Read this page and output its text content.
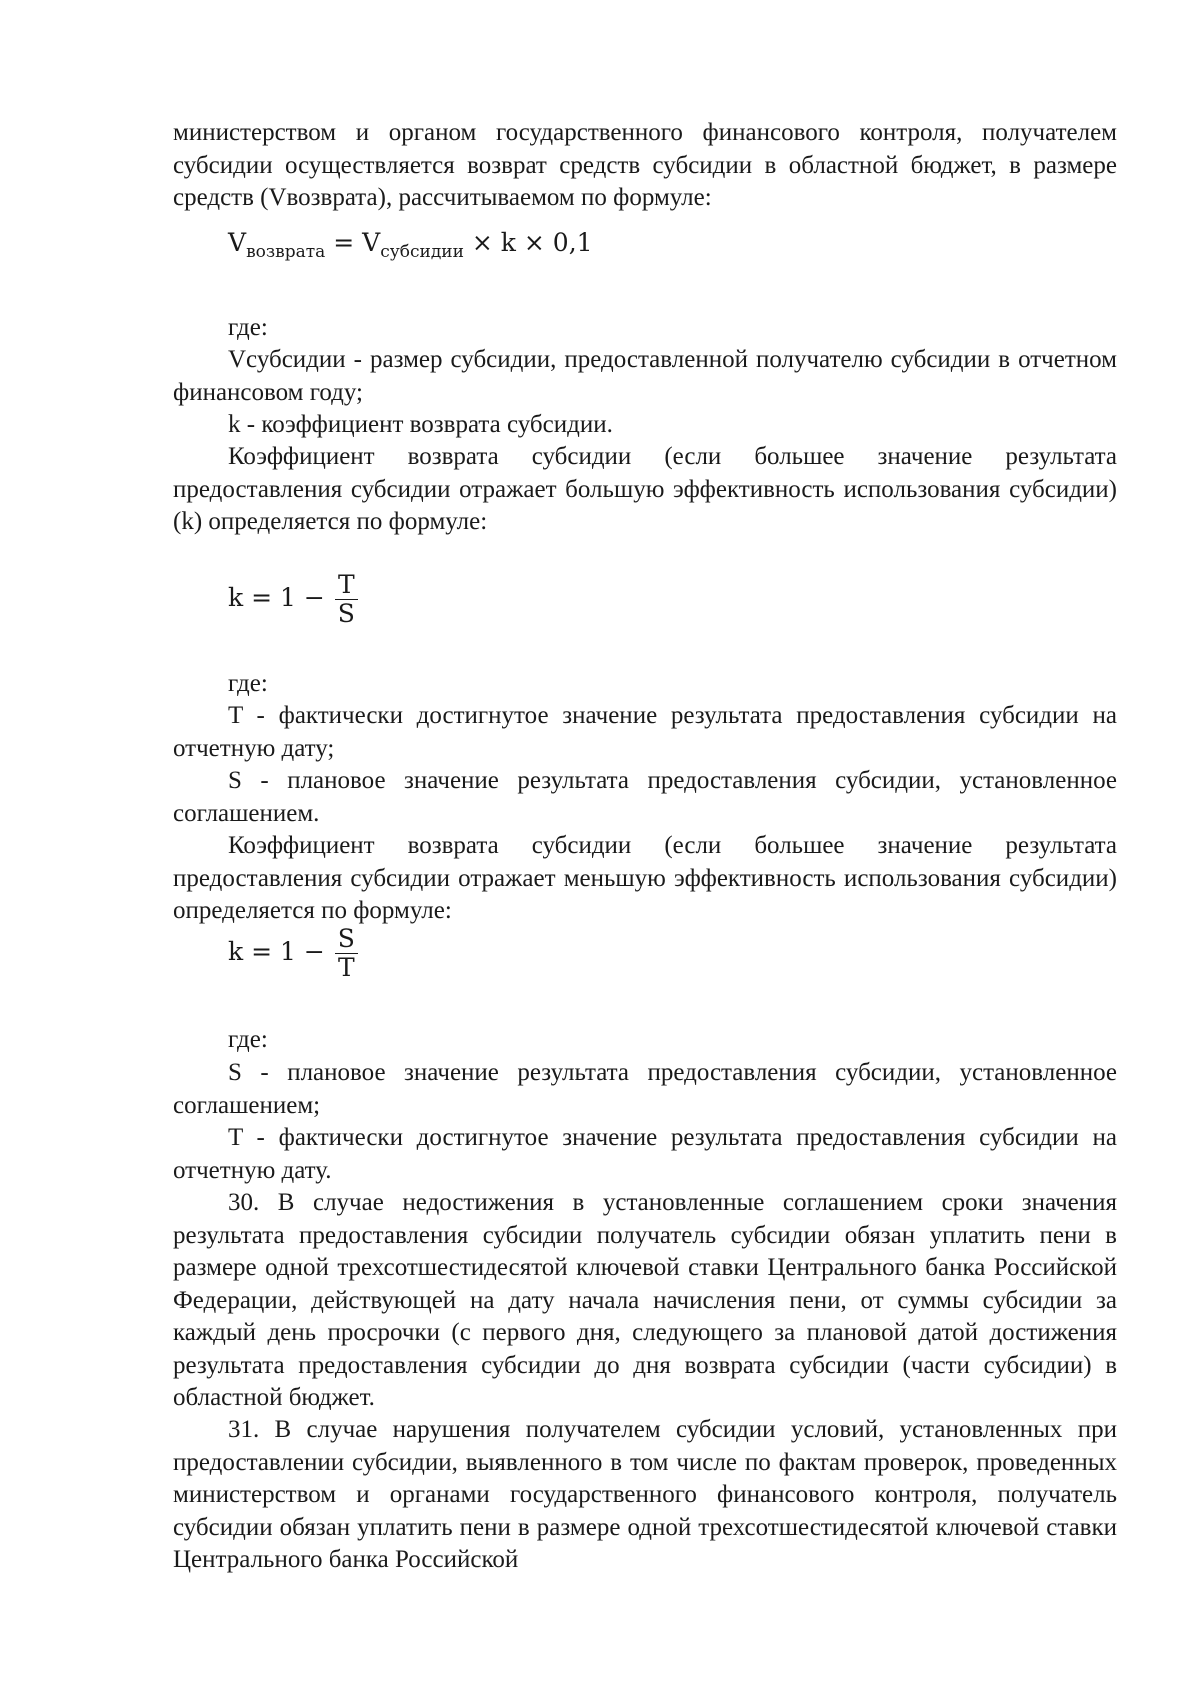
министерством и органом государственного финансового контроля, получателем субсидии осуществляется возврат средств субсидии в областной бюджет, в размере средств (Vвозврата), рассчитываемом по формуле:

$V_{возврата} = V_{субсидии} \times k \times 0,1$

где:

Vсубсидии - размер субсидии, предоставленной получателю субсидии в отчетном финансовом году;

k - коэффициент возврата субсидии.

Коэффициент возврата субсидии (если большее значение результата предоставления субсидии отражает большую эффективность использования субсидии) (k) определяется по формуле:

$k = 1 - \frac{T}{S}$

где:

T - фактически достигнутое значение результата предоставления субсидии на отчетную дату;

S - плановое значение результата предоставления субсидии, установленное соглашением.

Коэффициент возврата субсидии (если большее значение результата предоставления субсидии отражает меньшую эффективность использования субсидии) определяется по формуле:

$k = 1 - \frac{S}{T}$

где:

S - плановое значение результата предоставления субсидии, установленное соглашением;

T - фактически достигнутое значение результата предоставления субсидии на отчетную дату.

30. В случае недостижения в установленные соглашением сроки значения результата предоставления субсидии получатель субсидии обязан уплатить пени в размере одной трехсотшестидесятой ключевой ставки Центрального банка Российской Федерации, действующей на дату начала начисления пени, от суммы субсидии за каждый день просрочки (с первого дня, следующего за плановой датой достижения результата предоставления субсидии до дня возврата субсидии (части субсидии) в областной бюджет.

31. В случае нарушения получателем субсидии условий, установленных при предоставлении субсидии, выявленного в том числе по фактам проверок, проведенных министерством и органами государственного финансового контроля, получатель субсидии обязан уплатить пени в размере одной трехсотшестидесятой ключевой ставки Центрального банка Российской
